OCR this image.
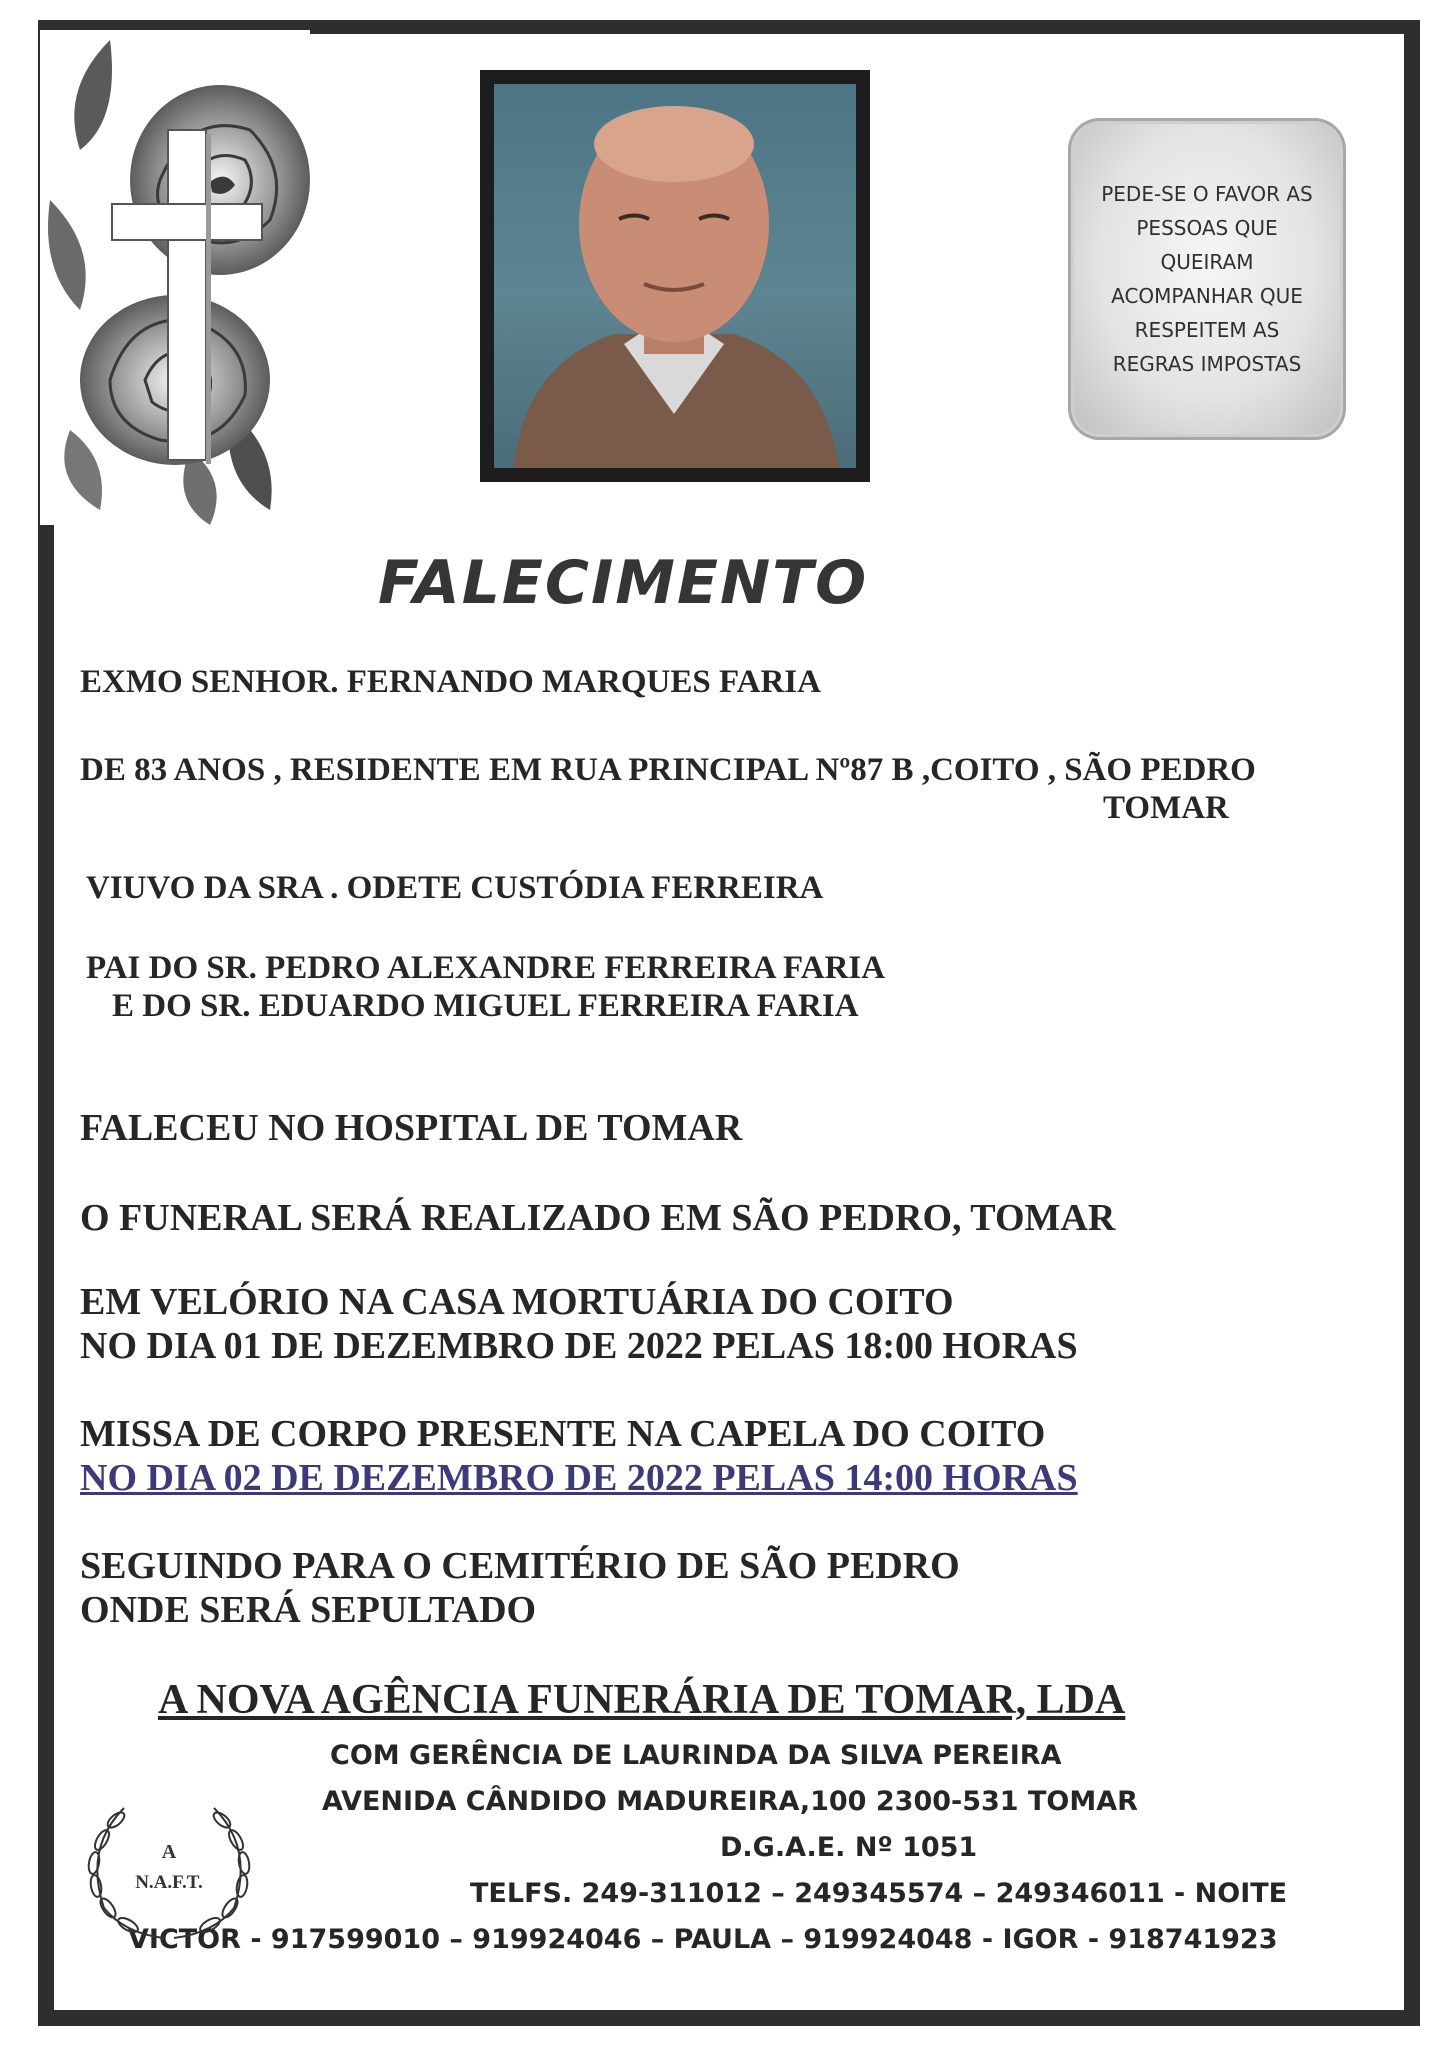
PEDE-SE O FAVOR AS
PESSOAS QUE
QUEIRAM
ACOMPANHAR QUE
RESPEITEM AS
REGRAS IMPOSTAS
FALECIMENTO
EXMO SENHOR. FERNANDO MARQUES FARIA
DE 83 ANOS , RESIDENTE EM RUA PRINCIPAL Nº87 B ,COITO , SÃO PEDRO
TOMAR
VIUVO DA SRA . ODETE CUSTÓDIA FERREIRA
PAI DO SR. PEDRO ALEXANDRE FERREIRA FARIA
E DO SR. EDUARDO MIGUEL FERREIRA FARIA
FALECEU NO HOSPITAL DE TOMAR
O FUNERAL SERÁ REALIZADO EM SÃO PEDRO, TOMAR
EM VELÓRIO NA CASA MORTUÁRIA DO COITO
NO DIA 01 DE DEZEMBRO DE 2022 PELAS 18:00 HORAS
MISSA DE CORPO PRESENTE NA CAPELA DO COITO
NO DIA 02 DE DEZEMBRO DE 2022 PELAS 14:00 HORAS
SEGUINDO PARA O CEMITÉRIO DE SÃO PEDRO
ONDE SERÁ SEPULTADO
A NOVA AGÊNCIA FUNERÁRIA DE TOMAR, LDA
COM GERÊNCIA DE LAURINDA DA SILVA PEREIRA
AVENIDA CÂNDIDO MADUREIRA,100 2300-531 TOMAR
D.G.A.E. Nº 1051
TELFS. 249-311012 – 249345574 – 249346011 - NOITE
VICTOR - 917599010 – 919924046 – PAULA – 919924048 - IGOR - 918741923
A
N.A.F.T.
